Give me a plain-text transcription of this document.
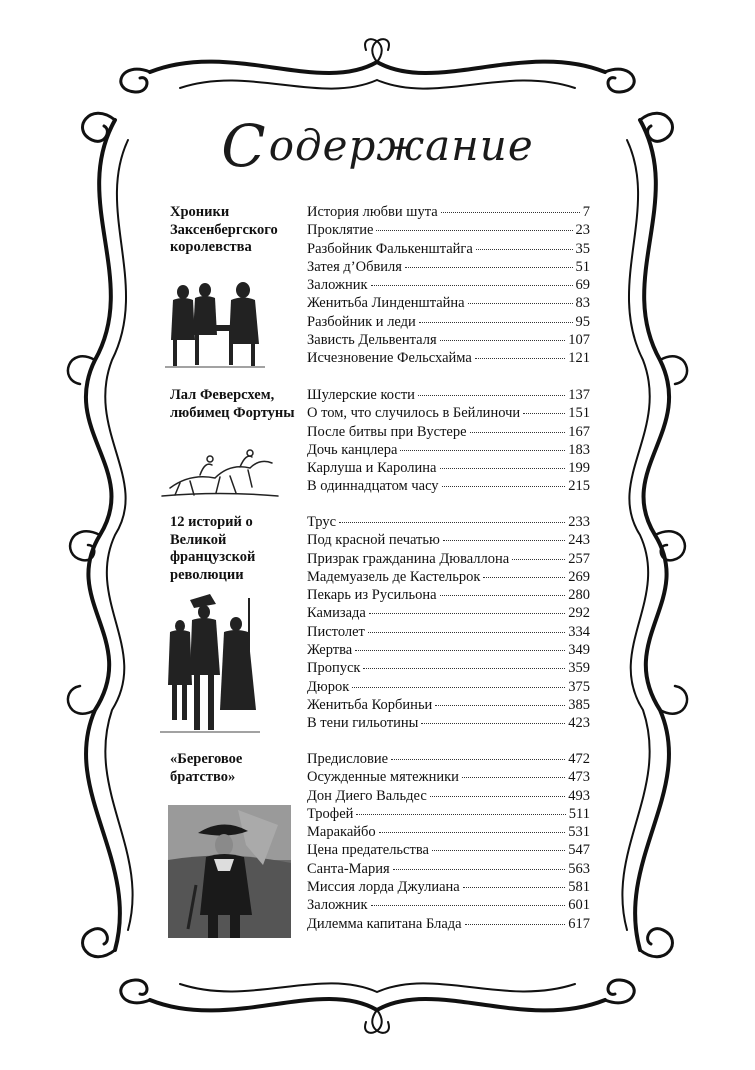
Содержание
Хроники Заксенбергского королевства
История любви шута	7
Проклятие	23
Разбойник Фалькенштайга	35
Затея д’Обвиля	51
Заложник	69
Женитьба Линденштайна	83
Разбойник и леди	95
Зависть Дельвенталя	107
Исчезновение Фельсхайма	121
Лал Феверсхем, любимец Фортуны
Шулерские кости	137
О том, что случилось в Бейлиночи	151
После битвы при Вустере	167
Дочь канцлера	183
Карлуша и Каролина	199
В одиннадцатом часу	215
12 историй о Великой французской революции
Трус	233
Под красной печатью	243
Призрак гражданина Дюваллона	257
Мадемуазель де Кастельрок	269
Пекарь из Русильона	280
Камизада	292
Пистолет	334
Жертва	349
Пропуск	359
Дюрок	375
Женитьба Корбиньи	385
В тени гильотины	423
«Береговое братство»
Предисловие	472
Осужденные мятежники	473
Дон Диего Вальдес	493
Трофей	511
Маракайбо	531
Цена предательства	547
Санта-Мария	563
Миссия лорда Джулиана	581
Заложник	601
Дилемма капитана Блада	617
